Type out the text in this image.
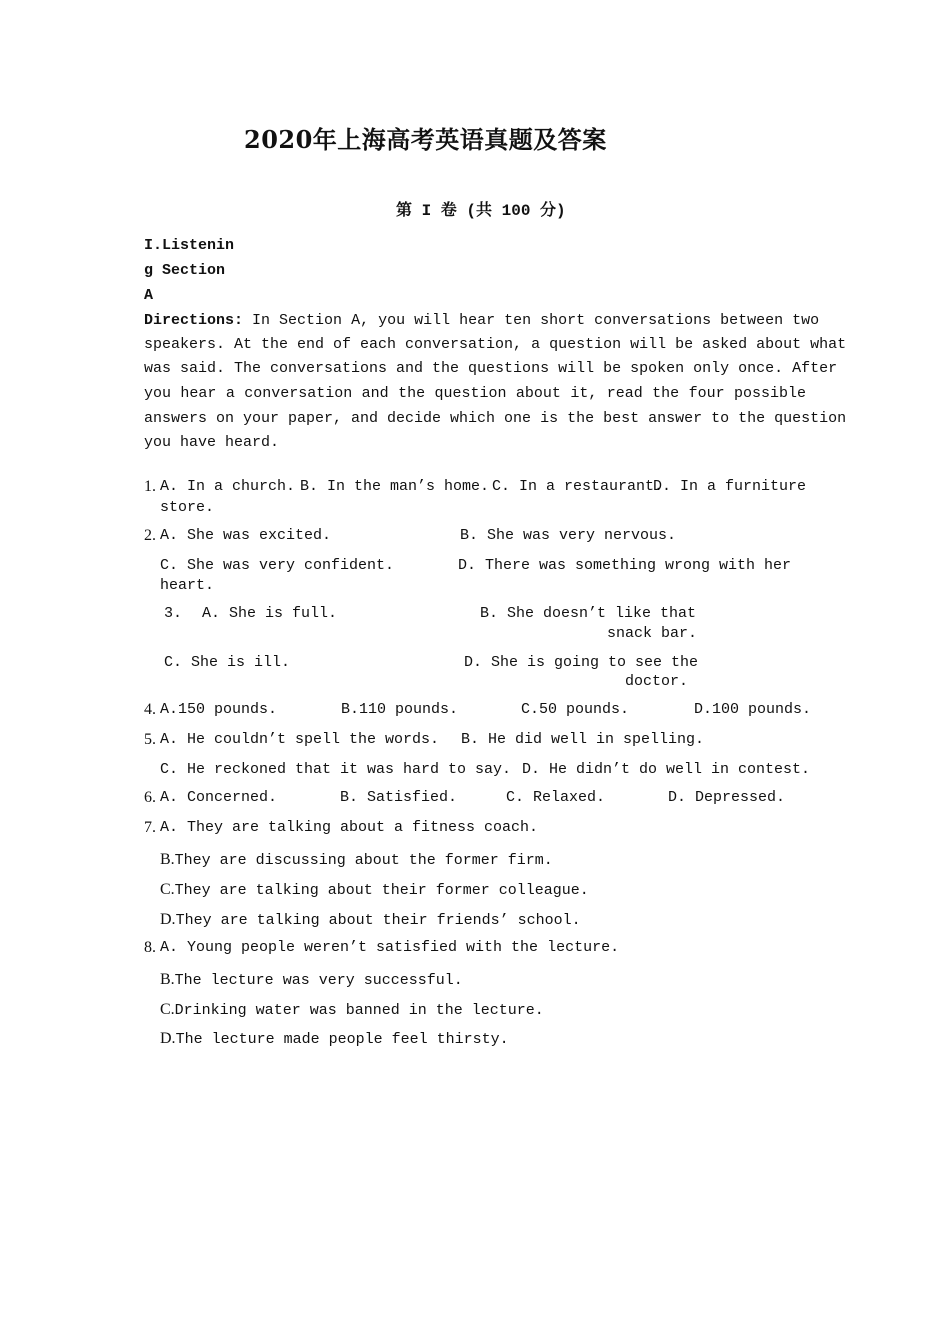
2020年上海高考英语真题及答案
第 I 卷 (共 100 分)
I.Listenin
g Section
A
Directions: In Section A, you will hear ten short conversations between two
speakers. At the end of each conversation, a question will be asked about what
was said. The conversations and the questions will be spoken only once. After
you hear a conversation and the question about it, read the four possible
answers on your paper, and decide which one is the best answer to the question
you have heard.
1. A. In a church. B. In the man’s home. C. In a restaurant.
D. In a furniture
store.
2. A. She was excited.	B. She was very nervous.
C. She was very confident.	D. There was something wrong with her
heart.
3. A. She is full.	B. She doesn’t like that
snack bar.
C. She is ill.	D. She is going to see the
doctor.
4. A.150 pounds.	B.110 pounds.	C.50 pounds.	D.100 pounds.
5. A. He couldn’t spell the words. B. He did well in spelling.
C. He reckoned that it was hard to say. D. He didn’t do well in contest.
6. A. Concerned.	B. Satisfied.	C. Relaxed.	D. Depressed.
7. A. They are talking about a fitness coach.
B.They are discussing about the former firm.
C.They are talking about their former colleague.
D.They are talking about their friends’ school.
8. A. Young people weren’t satisfied with the lecture.
B.The lecture was very successful.
C.Drinking water was banned in the lecture.
D.The lecture made people feel thirsty.
